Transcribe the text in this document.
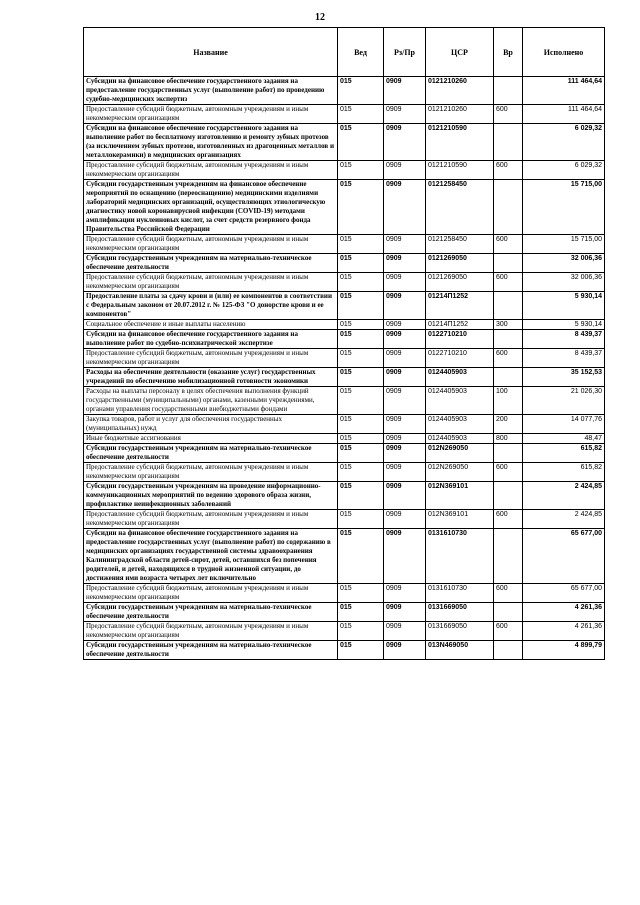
12
Название	Вед	Рз/Пр	ЦСР	Вр	Исполнено
Субсидии на финансовое обеспечение государственного задания на предоставление государственных услуг (выполнение работ) по проведению судебно-медицинских экспертиз	015	0909	0121210260		111 464,64
Предоставление субсидий бюджетным, автономным учреждениям и иным некоммерческим организациям	015	0909	0121210260	600	111 464,64
Субсидии на финансовое обеспечение государственного задания на выполнение работ по бесплатному изготовлению и ремонту зубных протезов (за исключением зубных протезов, изготовленных из драгоценных металлов и металлокерамики) в медицинских организациях	015	0909	0121210590		6 029,32
Предоставление субсидий бюджетным, автономным учреждениям и иным некоммерческим организациям	015	0909	0121210590	600	6 029,32
Субсидии государственным учреждениям на финансовое обеспечение мероприятий по оснащению (переоснащению) медицинскими изделиями лабораторий медицинских организаций, осуществляющих этиологическую диагностику новой коронавирусной инфекции (COVID-19) методами амплификации нуклеиновых кислот, за счет средств резервного фонда Правительства Российской Федерации	015	0909	0121258450		15 715,00
Предоставление субсидий бюджетным, автономным учреждениям и иным некоммерческим организациям	015	0909	0121258450	600	15 715,00
Субсидии государственным учреждениям на материально-техническое обеспечение деятельности	015	0909	0121269050		32 006,36
Предоставление субсидий бюджетным, автономным учреждениям и иным некоммерческим организациям	015	0909	0121269050	600	32 006,36
Предоставление платы за сдачу крови и (или) ее компонентов в соответствии с Федеральным законом от 20.07.2012 г. № 125-ФЗ "О донорстве крови и ее компонентов"	015	0909	01214П1252		5 930,14
Социальное обеспечение и иные выплаты населению	015	0909	01214П1252	300	5 930,14
Субсидии на финансовое обеспечение государственного задания на выполнение работ по судебно-психиатрической экспертизе	015	0909	0122710210		8 439,37
Предоставление субсидий бюджетным, автономным учреждениям и иным некоммерческим организациям	015	0909	0122710210	600	8 439,37
Расходы на обеспечение деятельности (оказание услуг) государственных учреждений по обеспечению мобилизационной готовности экономики	015	0909	0124405903		35 152,53
Расходы на выплаты персоналу в целях обеспечения выполнения функций государственными (муниципальными) органами, казенными учреждениями, органами управления государственными внебюджетными фондами	015	0909	0124405903	100	21 026,30
Закупка товаров, работ и услуг для обеспечения государственных (муниципальных) нужд	015	0909	0124405903	200	14 077,76
Иные бюджетные ассигнования	015	0909	0124405903	800	48,47
Субсидии государственным учреждениям на материально-техническое обеспечение деятельности	015	0909	012N269050		615,82
Предоставление субсидий бюджетным, автономным учреждениям и иным некоммерческим организациям	015	0909	012N269050	600	615,82
Субсидии государственным учреждениям на проведение информационно-коммуникационных мероприятий по ведению здорового образа жизни, профилактике неинфекционных заболеваний	015	0909	012N369101		2 424,85
Предоставление субсидий бюджетным, автономным учреждениям и иным некоммерческим организациям	015	0909	012N369101	600	2 424,85
Субсидии на финансовое обеспечение государственного задания на предоставление государственных услуг (выполнение работ) по содержанию в медицинских организациях государственной системы здравоохранения Калининградской области детей-сирот, детей, оставшихся без попечения родителей, и детей, находящихся в трудной жизненной ситуации, до достижения ими возраста четырех лет включительно	015	0909	0131610730		65 677,00
Предоставление субсидий бюджетным, автономным учреждениям и иным некоммерческим организациям	015	0909	0131610730	600	65 677,00
Субсидии государственным учреждениям на материально-техническое обеспечение деятельности	015	0909	0131669050		4 261,36
Предоставление субсидий бюджетным, автономным учреждениям и иным некоммерческим организациям	015	0909	0131669050	600	4 261,36
Субсидии государственным учреждениям на материально-техническое обеспечение деятельности	015	0909	013N469050		4 899,79
